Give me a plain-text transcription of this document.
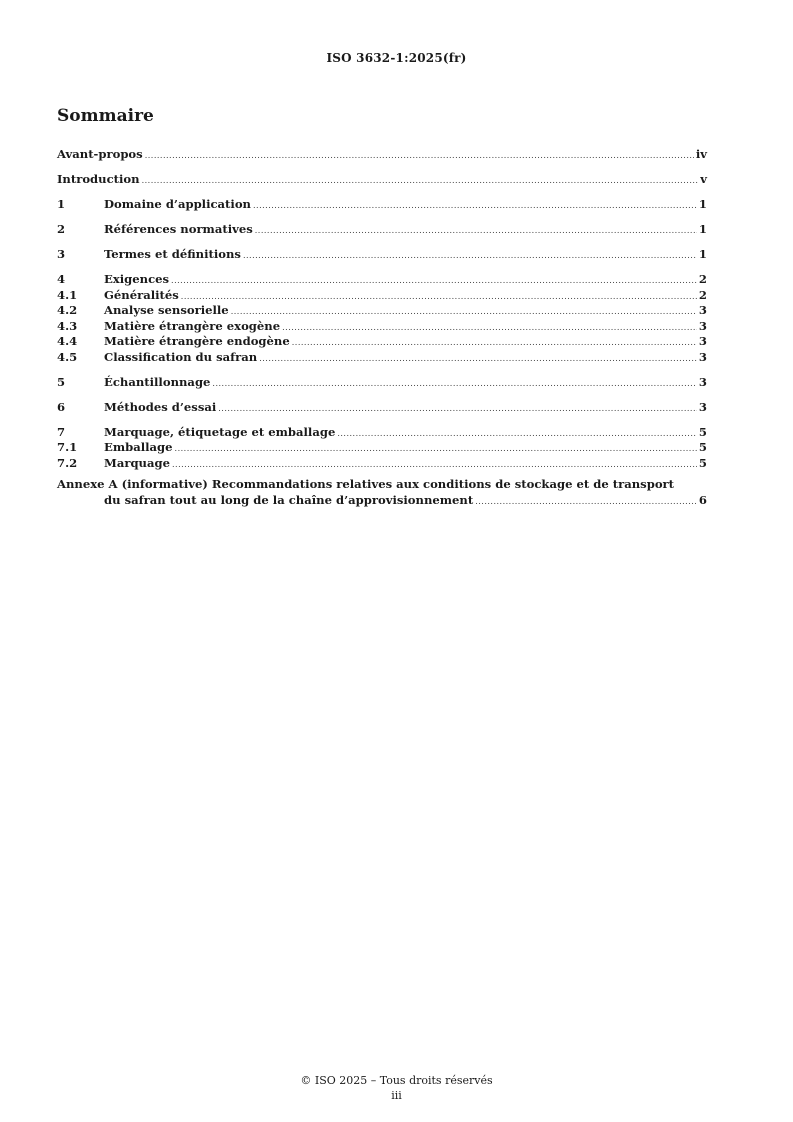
ISO 3632-1:2025(fr)
Sommaire
Avant-propos .....	iv
Introduction .....	v
1	Domaine d’application .....	1
2	Références normatives .....	1
3	Termes et définitions .....	1
4	Exigences .....	2
4.1	Généralités .....	2
4.2	Analyse sensorielle .....	3
4.3	Matière étrangère exogène .....	3
4.4	Matière étrangère endogène .....	3
4.5	Classification du safran .....	3
5	Échantillonnage .....	3
6	Méthodes d’essai .....	3
7	Marquage, étiquetage et emballage .....	5
7.1	Emballage .....	5
7.2	Marquage .....	5
Annexe A (informative) Recommandations relatives aux conditions de stockage et de transport
du safran tout au long de la chaîne d’approvisionnement .....	6
© ISO 2025 – Tous droits réservés
iii
